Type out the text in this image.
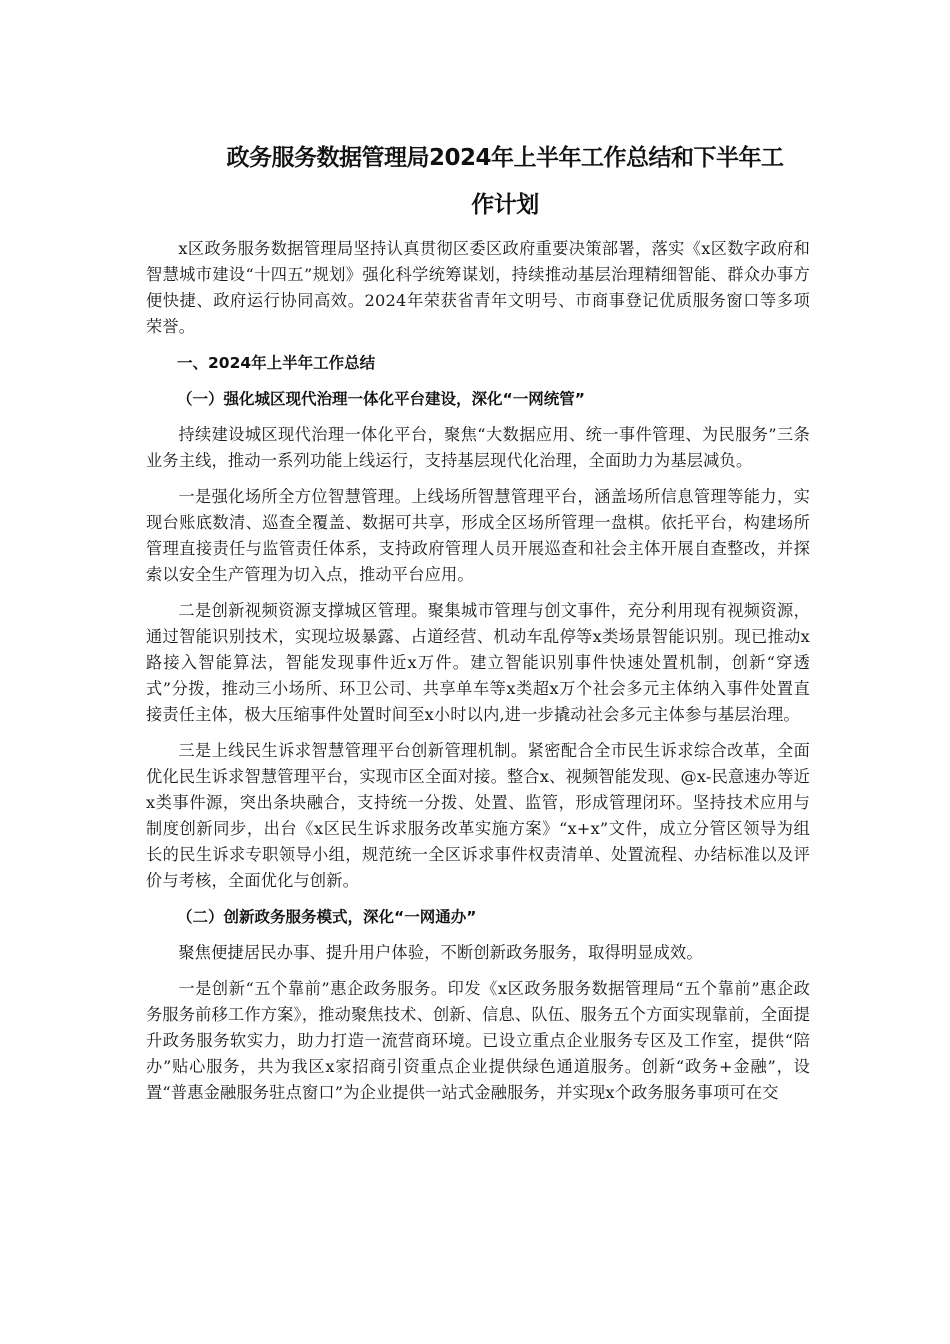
政务服务数据管理局2024年上半年工作总结和下半年工
作计划

x区政务服务数据管理局坚持认真贯彻区委区政府重要决策部署，落实《x区数字政府和智慧城市建设“十四五”规划》强化科学统筹谋划，持续推动基层治理精细智能、群众办事方便快捷、政府运行协同高效。2024年荣获省青年文明号、市商事登记优质服务窗口等多项荣誉。

一、2024年上半年工作总结

（一）强化城区现代治理一体化平台建设，深化“一网统管”

持续建设城区现代治理一体化平台，聚焦“大数据应用、统一事件管理、为民服务”三条业务主线，推动一系列功能上线运行，支持基层现代化治理，全面助力为基层减负。

一是强化场所全方位智慧管理。上线场所智慧管理平台，涵盖场所信息管理等能力，实现台账底数清、巡查全覆盖、数据可共享，形成全区场所管理一盘棋。依托平台，构建场所管理直接责任与监管责任体系，支持政府管理人员开展巡查和社会主体开展自查整改，并探索以安全生产管理为切入点，推动平台应用。

二是创新视频资源支撑城区管理。聚集城市管理与创文事件，充分利用现有视频资源，通过智能识别技术，实现垃圾暴露、占道经营、机动车乱停等x类场景智能识别。现已推动x路接入智能算法，智能发现事件近x万件。建立智能识别事件快速处置机制，创新“穿透式”分拨，推动三小场所、环卫公司、共享单车等x类超x万个社会多元主体纳入事件处置直接责任主体，极大压缩事件处置时间至x小时以内,进一步撬动社会多元主体参与基层治理。

三是上线民生诉求智慧管理平台创新管理机制。紧密配合全市民生诉求综合改革，全面优化民生诉求智慧管理平台，实现市区全面对接。整合x、视频智能发现、@x-民意速办等近x类事件源，突出条块融合，支持统一分拨、处置、监管，形成管理闭环。坚持技术应用与制度创新同步，出台《x区民生诉求服务改革实施方案》“x+x”文件，成立分管区领导为组长的民生诉求专职领导小组，规范统一全区诉求事件权责清单、处置流程、办结标准以及评价与考核，全面优化与创新。

（二）创新政务服务模式，深化“一网通办”

聚焦便捷居民办事、提升用户体验，不断创新政务服务，取得明显成效。

一是创新“五个靠前”惠企政务服务。印发《x区政务服务数据管理局“五个靠前”惠企政务服务前移工作方案》，推动聚焦技术、创新、信息、队伍、服务五个方面实现靠前，全面提升政务服务软实力，助力打造一流营商环境。已设立重点企业服务专区及工作室，提供“陪办”贴心服务，共为我区x家招商引资重点企业提供绿色通道服务。创新“政务+金融”，设置“普惠金融服务驻点窗口”为企业提供一站式金融服务，并实现x个政务服务事项可在交
